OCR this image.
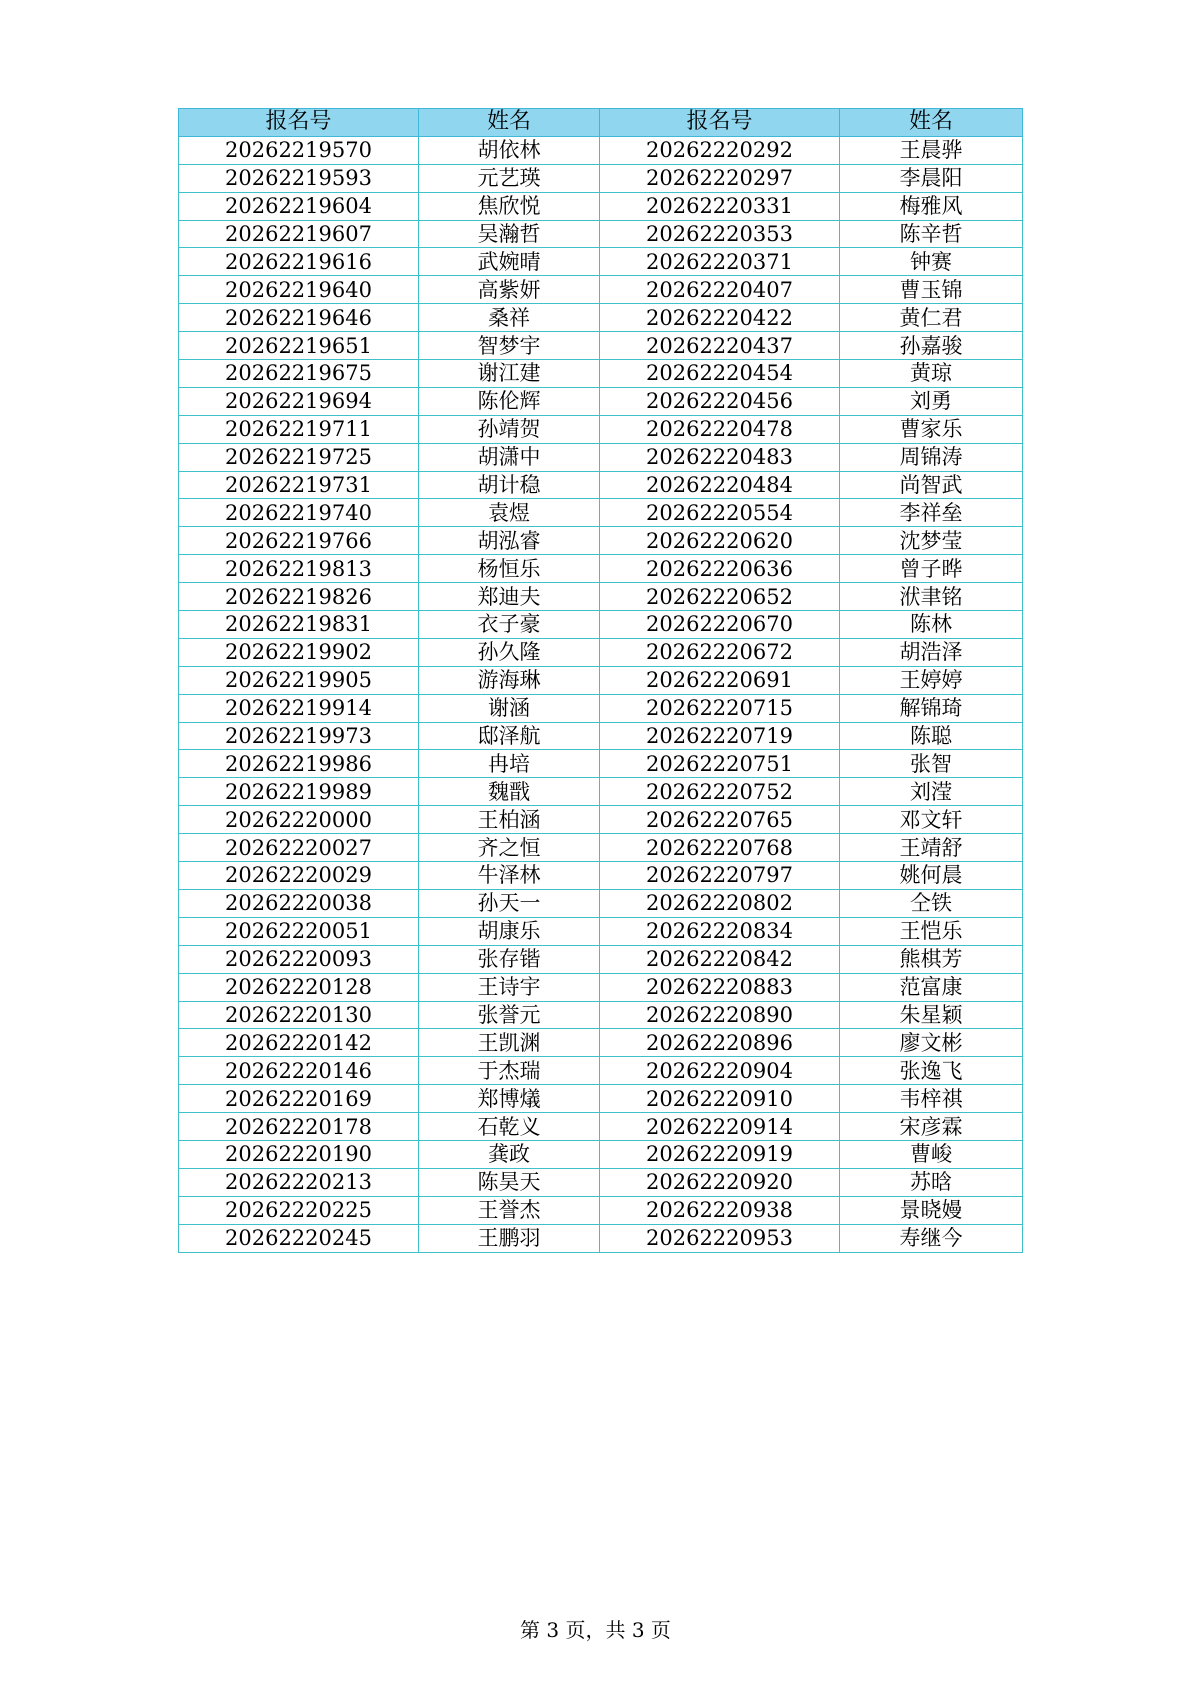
报名号	姓名	报名号	姓名
20262219570	胡依林	20262220292	王晨骅
20262219593	元艺瑛	20262220297	李晨阳
20262219604	焦欣悦	20262220331	梅雅风
20262219607	吴瀚哲	20262220353	陈辛哲
20262219616	武婉晴	20262220371	钟赛
20262219640	高紫妍	20262220407	曹玉锦
20262219646	桑祥	20262220422	黄仁君
20262219651	智梦宇	20262220437	孙嘉骏
20262219675	谢江建	20262220454	黄琼
20262219694	陈伦辉	20262220456	刘勇
20262219711	孙靖贺	20262220478	曹家乐
20262219725	胡潇中	20262220483	周锦涛
20262219731	胡计稳	20262220484	尚智武
20262219740	袁煜	20262220554	李祥垒
20262219766	胡泓睿	20262220620	沈梦莹
20262219813	杨恒乐	20262220636	曾子晔
20262219826	郑迪夫	20262220652	洑聿铭
20262219831	衣子豪	20262220670	陈林
20262219902	孙久隆	20262220672	胡浩泽
20262219905	游海琳	20262220691	王婷婷
20262219914	谢涵	20262220715	解锦琦
20262219973	邸泽航	20262220719	陈聪
20262219986	冉培	20262220751	张智
20262219989	魏戬	20262220752	刘滢
20262220000	王柏涵	20262220765	邓文轩
20262220027	齐之恒	20262220768	王靖舒
20262220029	牛泽林	20262220797	姚何晨
20262220038	孙天一	20262220802	仝铁
20262220051	胡康乐	20262220834	王恺乐
20262220093	张存锴	20262220842	熊棋芳
20262220128	王诗宇	20262220883	范富康
20262220130	张誉元	20262220890	朱星颖
20262220142	王凯渊	20262220896	廖文彬
20262220146	于杰瑞	20262220904	张逸飞
20262220169	郑博燨	20262220910	韦梓祺
20262220178	石乾义	20262220914	宋彦霖
20262220190	龚政	20262220919	曹峻
20262220213	陈昊天	20262220920	苏晗
20262220225	王誉杰	20262220938	景晓嫚
20262220245	王鹏羽	20262220953	寿继今
第 3 页，共 3 页
